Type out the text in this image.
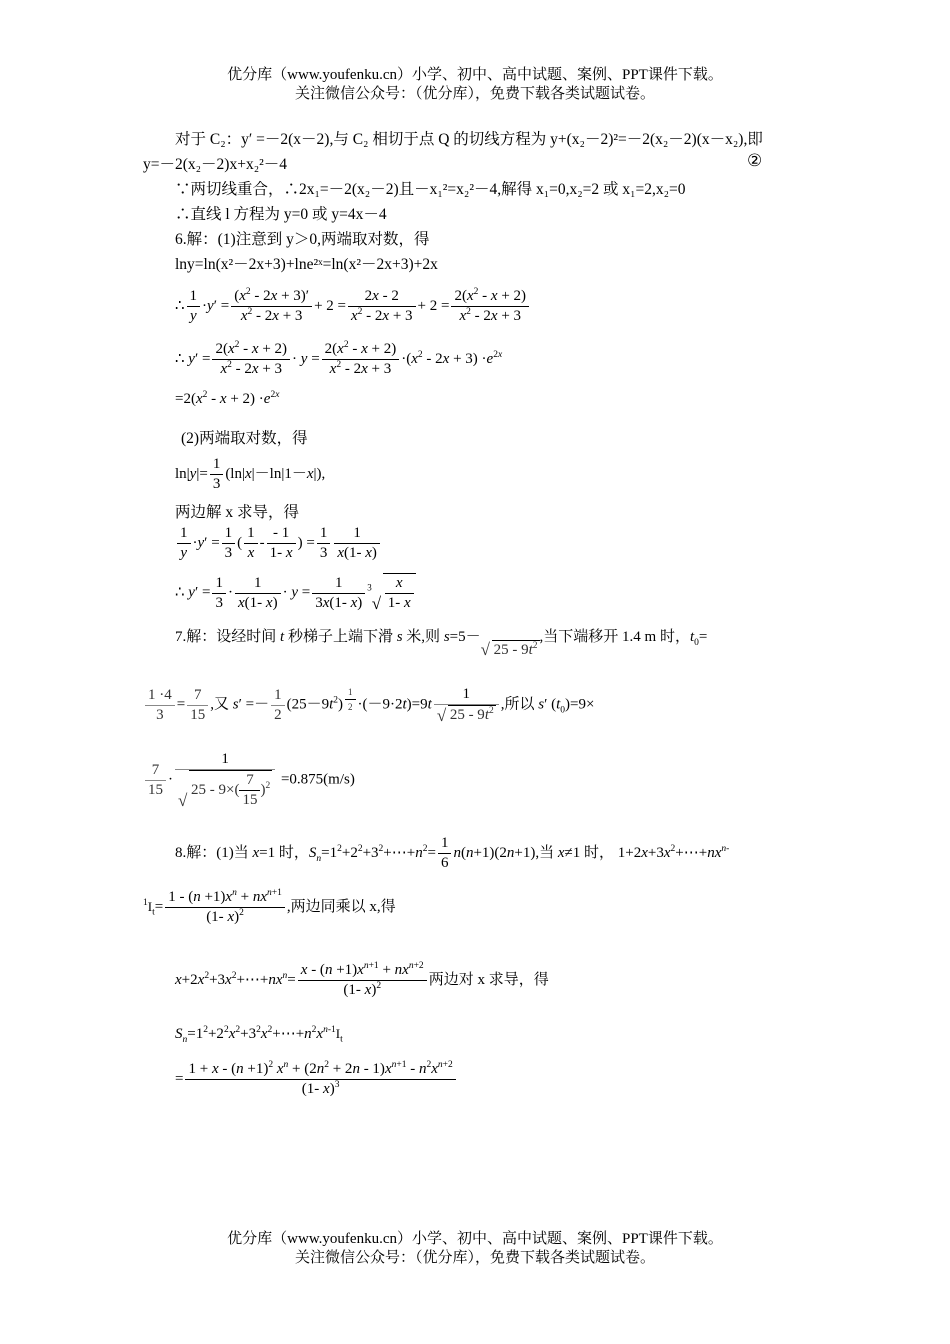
优分库（www.youfenku.cn）小学、初中、高中试题、案例、PPT课件下载。
关注微信公众号：（优分库），免费下载各类试题试卷。
对于 C₂：y′ =－2(x－2),与 C₂ 相切于点 Q 的切线方程为 y+(x₂－2)²=－2(x₂－2)(x－x₂),即
y=－2(x₂－2)x+x₂²－4	②
∵两切线重合，∴2x₁=－2(x₂－2)且－x₁²=x₂²－4,解得 x₁=0,x₂=2 或 x₁=2,x₂=0
∴直线 l 方程为 y=0 或 y=4x－4
6.解：(1)注意到 y＞0,两端取对数，得
lny=ln(x²－2x+3)+lne²ˣ=ln(x²－2x+3)+2x
∴ $\frac{1}{y} \cdot y' = \frac{(x^2 - 2x + 3)'}{x^2 - 2x + 3} + 2 = \frac{2x - 2}{x^2 - 2x + 3} + 2 = \frac{2(x^2 - x + 2)}{x^2 - 2x + 3}$
∴ $y' = \frac{2(x^2 - x + 2)}{x^2 - 2x + 3} \cdot y = \frac{2(x^2 - x + 2)}{x^2 - 2x + 3} \cdot(x^2 - 2x + 3) \cdot e^{2x}$
$=2(x^2 - x + 2) \cdot e^{2x}$
(2)两端取对数，得
$\ln|y|= \frac{1}{3} (\ln|x|-\ln|1-x|)$,
两边解 x 求导，得
$\frac{1}{y} \cdot y' = \frac{1}{3}$ ( $\frac{1}{x} - \frac{- 1}{1- x}$ ) = $\frac{1}{3} \frac{1}{x(1- x)}$
∴ $y' = \frac{1}{3} \cdot \frac{1}{x(1- x)} \cdot y = \frac{1}{3x(1- x)} ^3$ √ $\frac{x}{1- x}$
7.解：设经时间 t 秒梯子上端下滑 s 米,则 s=5－√ $25 - 9t^2$,当下端移开 1.4 m 时，$t_0=$
$\frac{1 \cdot 4}{3} = \frac{7}{15}$ ,又 $s' =- \frac{1}{2} (25-9t^2) \frac{1}{2} \cdot(-9\cdot 2t)=9t$ 1
√ $25 - 9t^2$ ,所以 s′ $(t_0)=9\times$
$\frac{7}{15} \cdot 1$
√ $25 - 9\times( \frac{7}{15} )^2 =0.875(m/s)$
8.解：(1)当 x=1 时，$S_n=1^2+2^2+3^2+\cdots+n^2= \frac{1}{6} n(n+1)(2n+1)$,当 x≠1 时， $1+2x+3x^2+\cdots+nx^{n-}$
$^1I_t= \frac{1 - (n +1)x^n + nx^{n+1}}{(1- x)^2}$ ,两边同乘以 x,得
$x+2x^2+3x^2+\cdots+nx^n= \frac{x - (n +1)x^{n+1} + nx^{n+2}}{(1- x)^2}$ 两边对 x 求导，得
$S_n=1^2+2^2x^2+3^2x^2+\cdots+n^2x^{n-1}I_t$
= $\frac{1 + x - (n +1)^2 x^n + (2n^2 + 2n - 1)x^{n+1} - n^2x^{n+2}}{(1- x)^3}$
优分库（www.youfenku.cn）小学、初中、高中试题、案例、PPT课件下载。
关注微信公众号：（优分库），免费下载各类试题试卷。
